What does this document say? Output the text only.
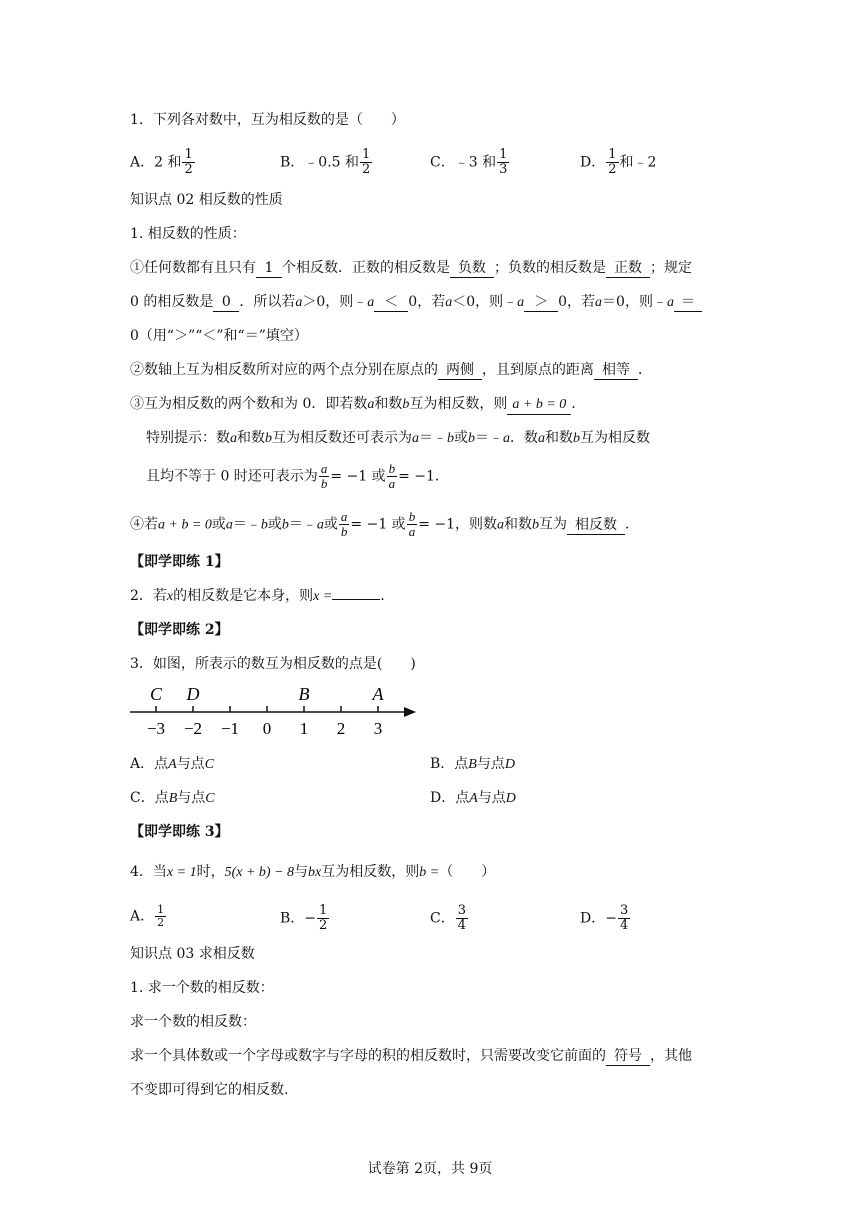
1．下列各对数中，互为相反数的是（　　）
A．2 和 $\frac{1}{2}$	B．﹣0.5 和 $\frac{1}{2}$	C．﹣3 和 $\frac{1}{3}$	D． $\frac{1}{2}$ 和﹣2
知识点 02 相反数的性质
1. 相反数的性质：
①任何数都有且只有 1 个相反数．正数的相反数是 负数 ；负数的相反数是 正数 ；规定
0 的相反数是 0 ．所以若a＞0，则﹣a ＜ 0，若a＜0，则﹣a ＞ 0，若a＝0，则﹣a ＝
0（用“＞”“＜”和“＝”填空）
②数轴上互为相反数所对应的两个点分别在原点的 两侧 ，且到原点的距离 相等 ．
③互为相反数的两个数和为 0．即若数a和数b互为相反数，则 a + b = 0 ．
特别提示：数a和数b互为相反数还可表示为a＝﹣b或b＝﹣a．数a和数b互为相反数
且均不等于 0 时还可表示为 $\frac{a}{b} = -1$ 或 $\frac{b}{a} = -1$．
④若a + b = 0或a＝﹣b或b＝﹣a或 $\frac{a}{b} = -1$ 或 $\frac{b}{a} = -1$，则数a和数b互为 相反数 ．
【即学即练 1】
2．若x的相反数是它本身，则x =	．
【即学即练 2】
3．如图，所表示的数互为相反数的点是(　　)
−3 −2 −1 0 1 2 3
C D	B	A
A．点A与点C	B．点B与点D
C．点B与点C	D．点A与点D
【即学即练 3】
4．当x = 1时，5(x + b) − 8与bx互为相反数，则b =（　　）
A． $\frac{1}{2}$	B．− $\frac{1}{2}$	C． $\frac{3}{4}$	D．− $\frac{3}{4}$
知识点 03 求相反数
1. 求一个数的相反数：
求一个数的相反数：
求一个具体数或一个字母或数字与字母的积的相反数时，只需要改变它前面的 符号 ，其他
不变即可得到它的相反数.
试卷第 2页，共 9页
